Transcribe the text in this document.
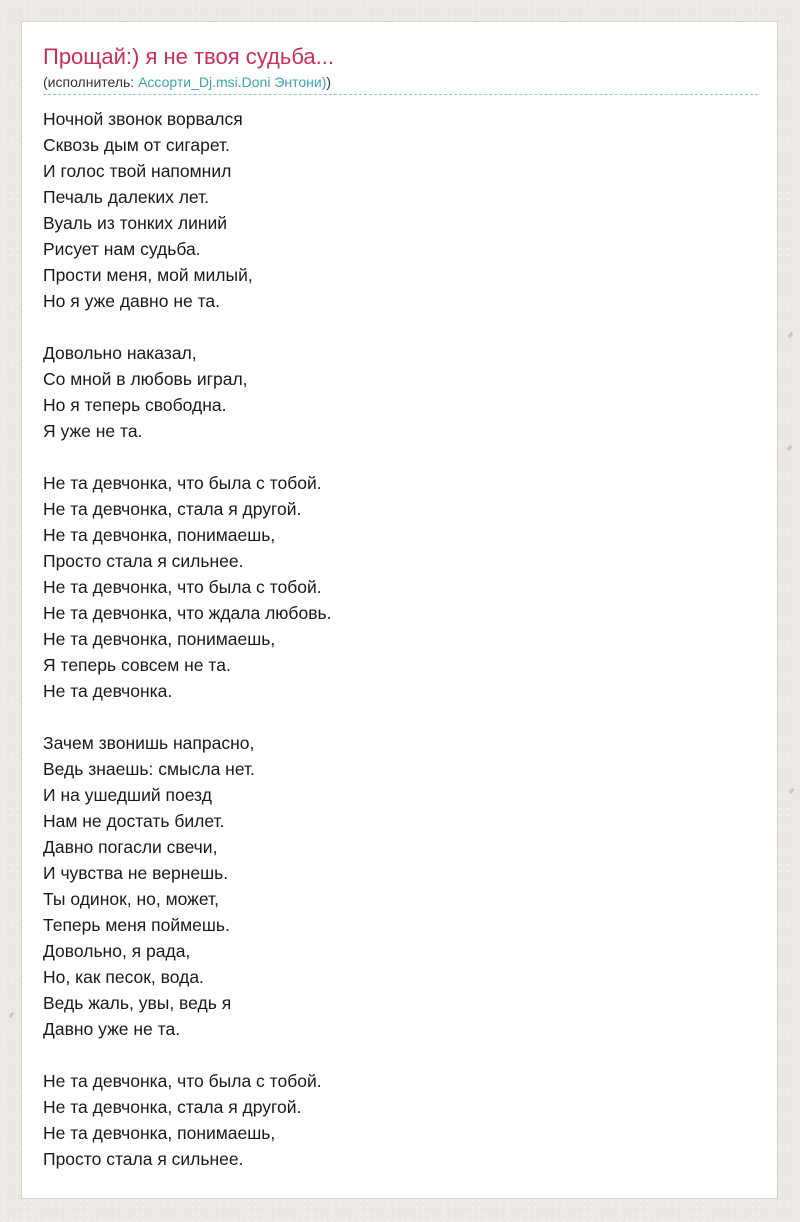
Прощай:) я не твоя судьба...
(исполнитель: Ассорти_Dj.msi.Doni Энтони))
Ночной звонок ворвался
Сквозь дым от сигарет.
И голос твой напомнил
Печаль далеких лет.
Вуаль из тонких линий
Рисует нам судьба.
Прости меня, мой милый,
Но я уже давно не та.
Довольно наказал,
Со мной в любовь играл,
Но я теперь свободна.
Я уже не та.
Не та девчонка, что была с тобой.
Не та девчонка, стала я другой.
Не та девчонка, понимаешь,
Просто стала я сильнее.
Не та девчонка, что была с тобой.
Не та девчонка, что ждала любовь.
Не та девчонка, понимаешь,
Я теперь совсем не та.
Не та девчонка.
Зачем звонишь напрасно,
Ведь знаешь: смысла нет.
И на ушедший поезд
Нам не достать билет.
Давно погасли свечи,
И чувства не вернешь.
Ты одинок, но, может,
Теперь меня поймешь.
Довольно, я рада,
Но, как песок, вода.
Ведь жаль, увы, ведь я
Давно уже не та.
Не та девчонка, что была с тобой.
Не та девчонка, стала я другой.
Не та девчонка, понимаешь,
Просто стала я сильнее.
